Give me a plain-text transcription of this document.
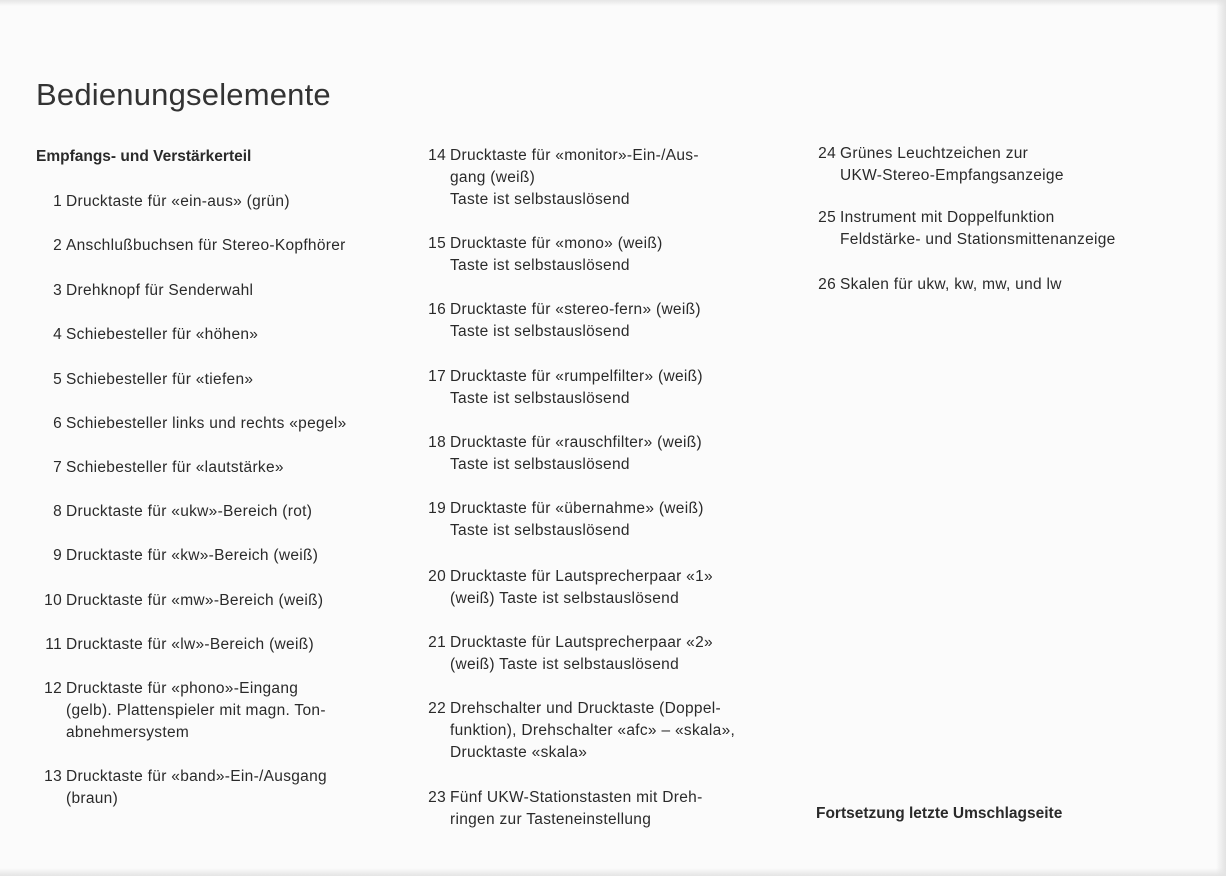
Bedienungselemente
Empfangs- und Verstärkerteil
1 Drucktaste für «ein-aus» (grün)
2 Anschlußbuchsen für Stereo-Kopfhörer
3 Drehknopf für Senderwahl
4 Schiebesteller für «höhen»
5 Schiebesteller für «tiefen»
6 Schiebesteller links und rechts «pegel»
7 Schiebesteller für «lautstärke»
8 Drucktaste für «ukw»-Bereich (rot)
9 Drucktaste für «kw»-Bereich (weiß)
10 Drucktaste für «mw»-Bereich (weiß)
11 Drucktaste für «lw»-Bereich (weiß)
12 Drucktaste für «phono»-Eingang
(gelb). Plattenspieler mit magn. Ton-
abnehmersystem
13 Drucktaste für «band»-Ein-/Ausgang
(braun)
14 Drucktaste für «monitor»-Ein-/Aus-
gang (weiß)
Taste ist selbstauslösend
15 Drucktaste für «mono» (weiß)
Taste ist selbstauslösend
16 Drucktaste für «stereo-fern» (weiß)
Taste ist selbstauslösend
17 Drucktaste für «rumpelfilter» (weiß)
Taste ist selbstauslösend
18 Drucktaste für «rauschfilter» (weiß)
Taste ist selbstauslösend
19 Drucktaste für «übernahme» (weiß)
Taste ist selbstauslösend
20 Drucktaste für Lautsprecherpaar «1»
(weiß) Taste ist selbstauslösend
21 Drucktaste für Lautsprecherpaar «2»
(weiß) Taste ist selbstauslösend
22 Drehschalter und Drucktaste (Doppel-
funktion), Drehschalter «afc» – «skala»,
Drucktaste «skala»
23 Fünf UKW-Stationstasten mit Dreh-
ringen zur Tasteneinstellung
24 Grünes Leuchtzeichen zur
UKW-Stereo-Empfangsanzeige
25 Instrument mit Doppelfunktion
Feldstärke- und Stationsmittenanzeige
26 Skalen für ukw, kw, mw, und lw
Fortsetzung letzte Umschlagseite
